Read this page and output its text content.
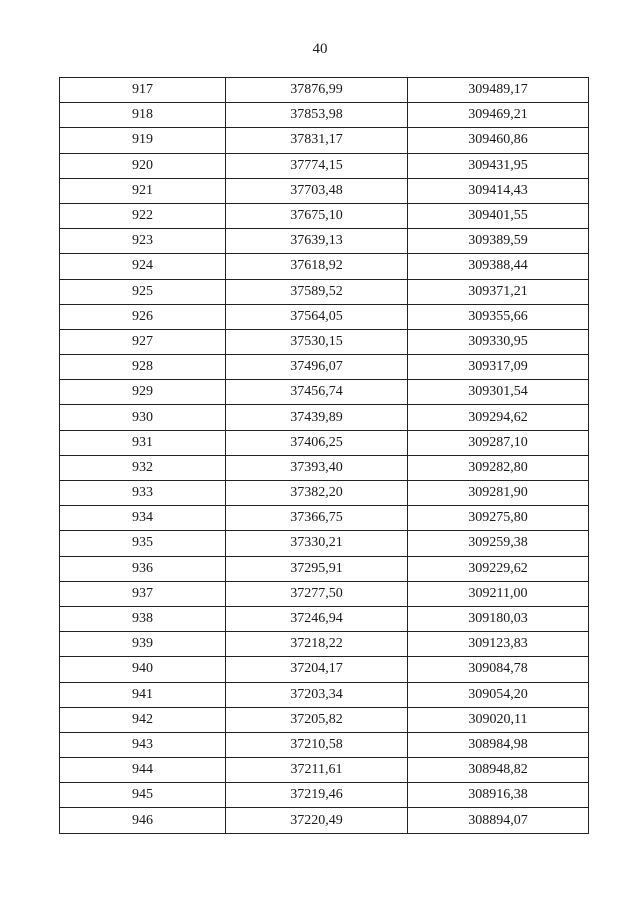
40
917	37876,99	309489,17
918	37853,98	309469,21
919	37831,17	309460,86
920	37774,15	309431,95
921	37703,48	309414,43
922	37675,10	309401,55
923	37639,13	309389,59
924	37618,92	309388,44
925	37589,52	309371,21
926	37564,05	309355,66
927	37530,15	309330,95
928	37496,07	309317,09
929	37456,74	309301,54
930	37439,89	309294,62
931	37406,25	309287,10
932	37393,40	309282,80
933	37382,20	309281,90
934	37366,75	309275,80
935	37330,21	309259,38
936	37295,91	309229,62
937	37277,50	309211,00
938	37246,94	309180,03
939	37218,22	309123,83
940	37204,17	309084,78
941	37203,34	309054,20
942	37205,82	309020,11
943	37210,58	308984,98
944	37211,61	308948,82
945	37219,46	308916,38
946	37220,49	308894,07
